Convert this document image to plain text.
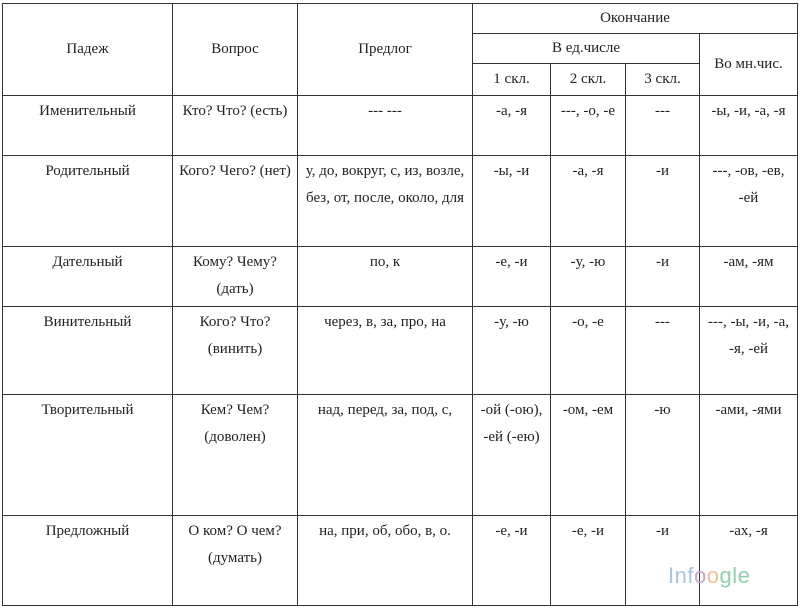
Падеж	Вопрос	Предлог	Окончание			
			В ед.числе			Во мн.чис.

			1 скл.	2 скл.	3 скл.	

Именительный	Кто? Что? (есть)	--- ---	-а, -я	---, -о, -е	---	-ы, -и, -а, -я

Родительный	Кого? Чего? (нет)	у, до, вокруг, с, из, возле, без, от, после, около, для	-ы, -и	-а, -я	-и	---, -ов, -ев, -ей

Дательный	Кому? Чему? (дать)	по, к	-е, -и	-у, -ю	-и	-ам, -ям

Винительный	Кого? Что? (винить)	через, в, за, про, на	-у, -ю	-о, -е	---	---, -ы, -и, -а, -я, -ей

Творительный	Кем? Чем? (доволен)	над, перед, за, под, с,	-ой (-ою), -ей (-ею)	-ом, -ем	-ю	-ами, -ями

Предложный	О ком? О чем? (думать)	на, при, об, обо, в, о.	-е, -и	-е, -и	-и	-ах, -я
Infoogle
